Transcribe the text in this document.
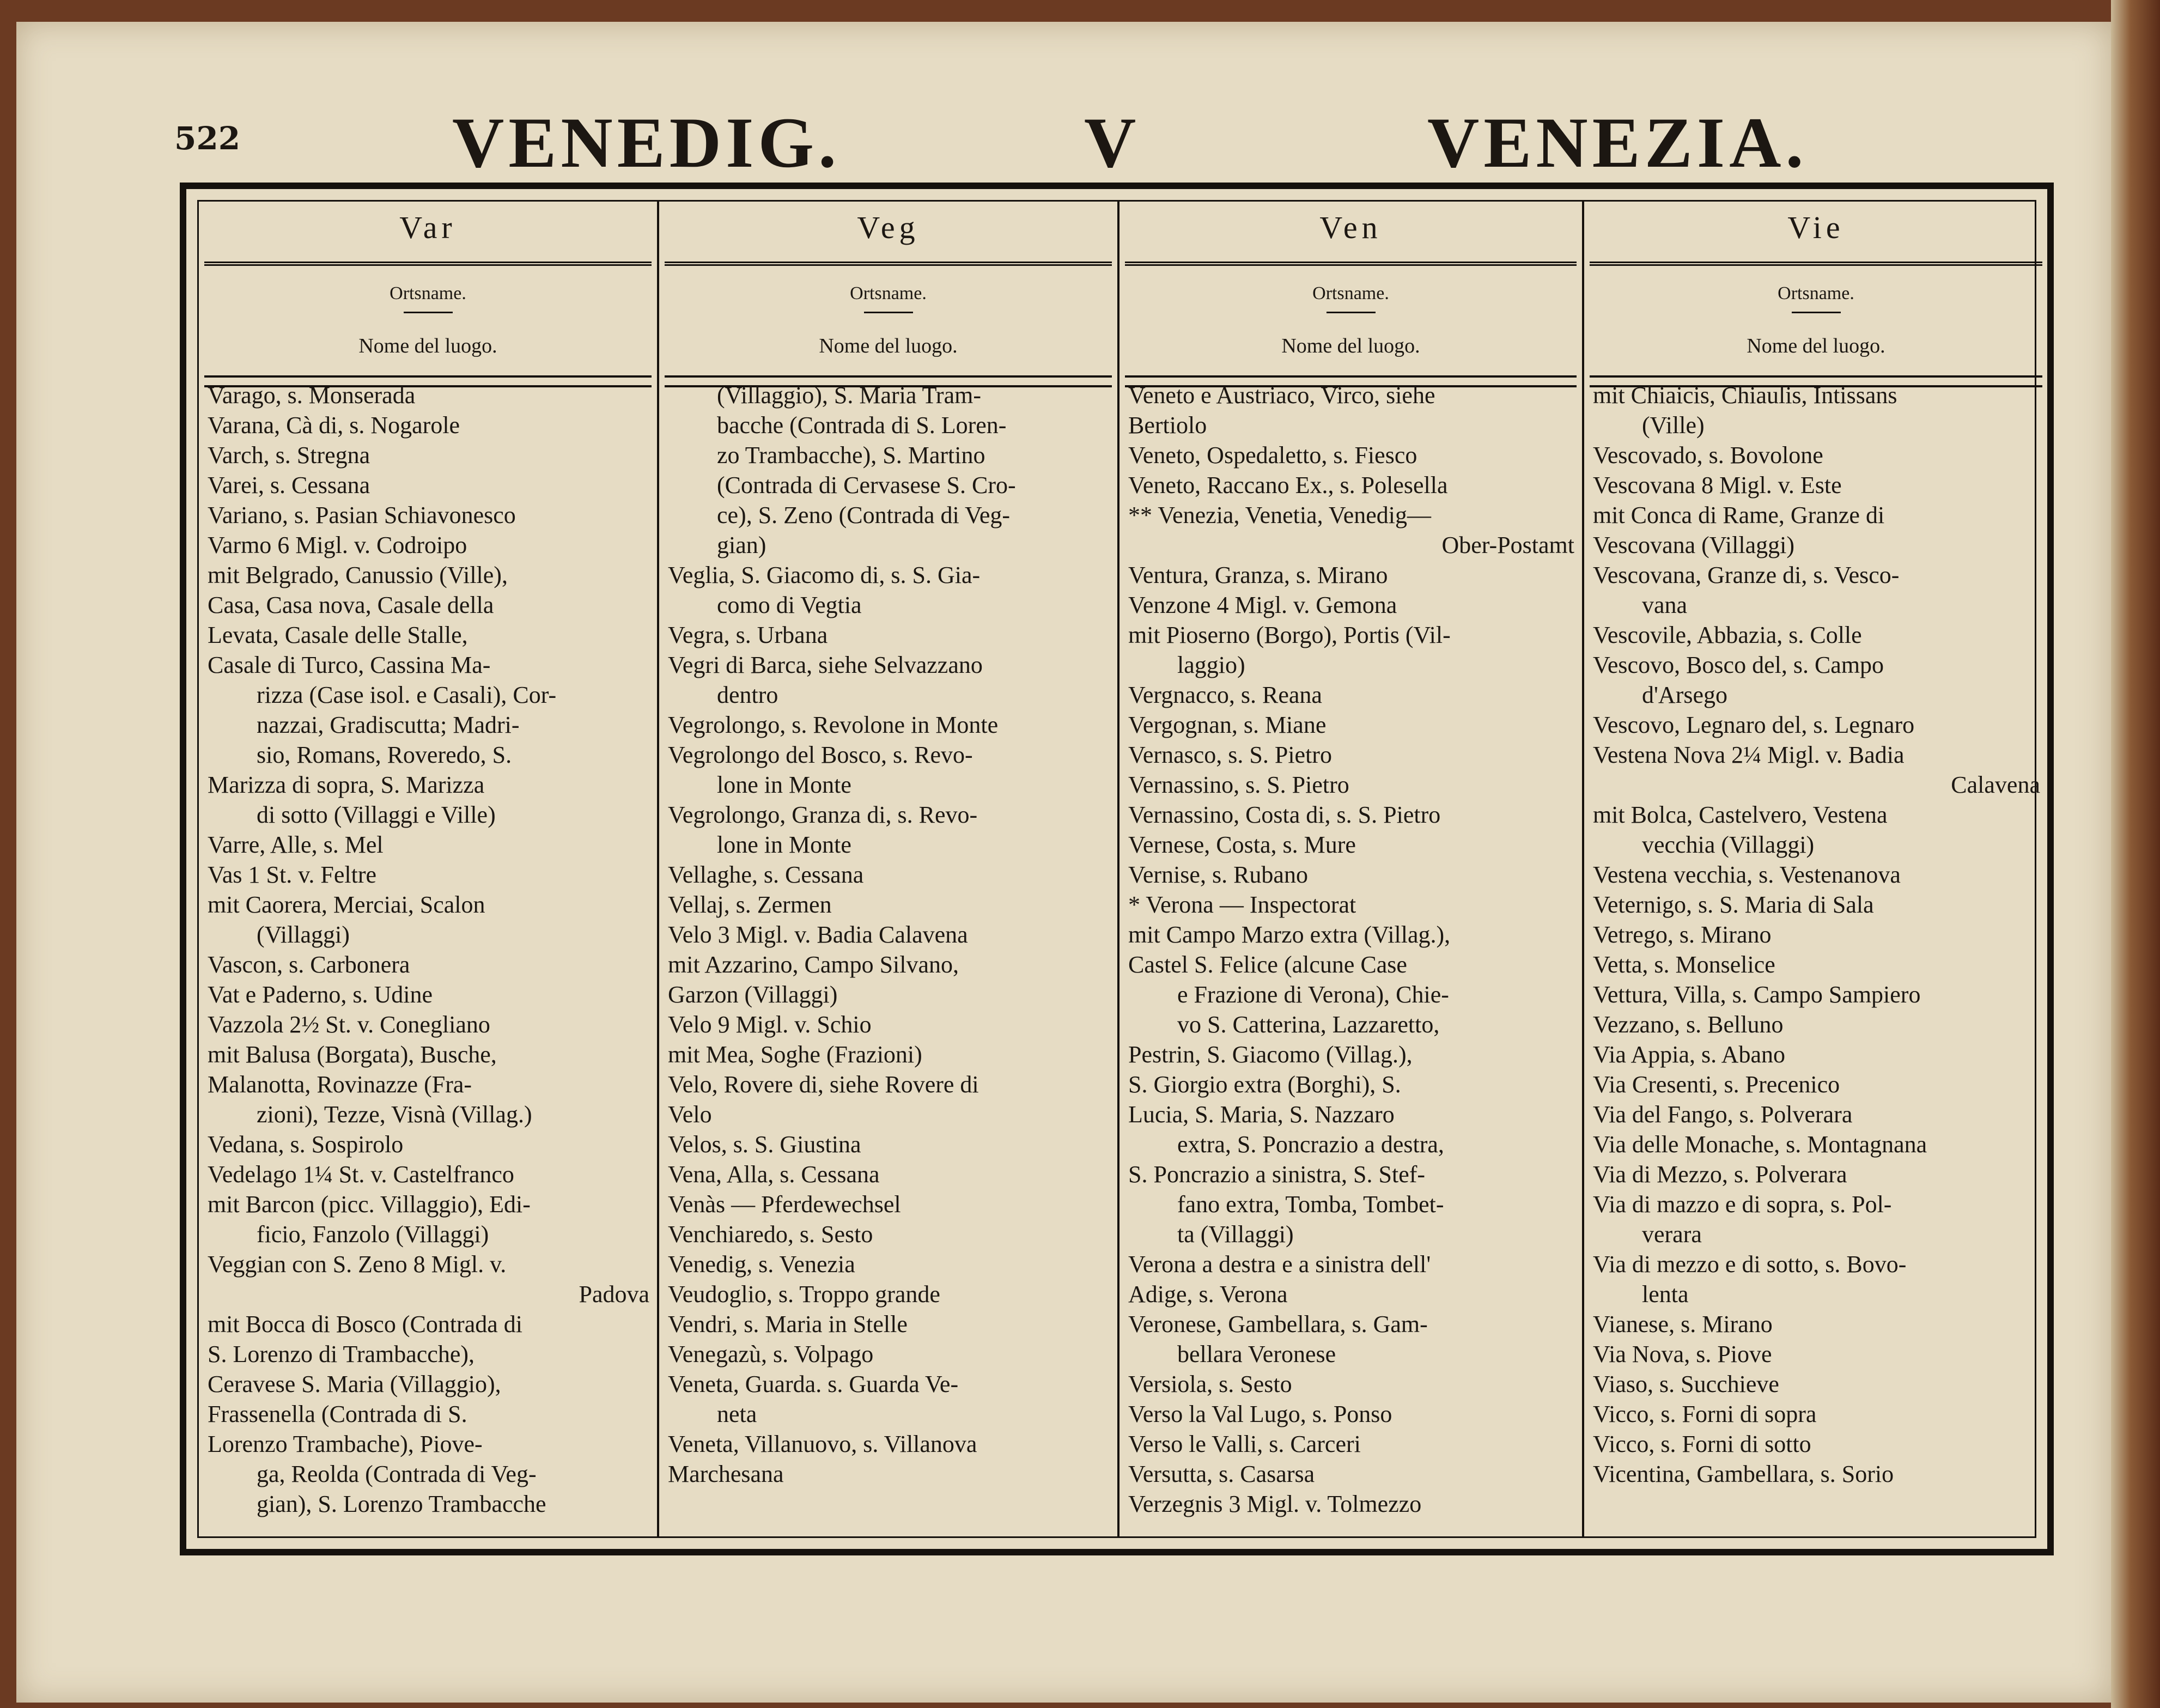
522	VENEDIG.	V	VENEZIA.
Var
Ortsname.
Nome del luogo.
Varago, s. Monserada
Varana, Cà di, s. Nogarole
Varch, s. Stregna
Varei, s. Cessana
Variano, s. Pasian Schiavonesco
Varmo 6 Migl. v. Codroipo
mit Belgrado, Canussio (Ville),
Casa, Casa nova, Casale della
Levata, Casale delle Stalle,
Casale di Turco, Cassina Ma-
rizza (Case isol. e Casali), Cor-
nazzai, Gradiscutta; Madri-
sio, Romans, Roveredo, S.
Marizza di sopra, S. Marizza
di sotto (Villaggi e Ville)
Varre, Alle, s. Mel
Vas 1 St. v. Feltre
mit Caorera, Merciai, Scalon
(Villaggi)
Vascon, s. Carbonera
Vat e Paderno, s. Udine
Vazzola 2½ St. v. Conegliano
mit Balusa (Borgata), Busche,
Malanotta, Rovinazze (Fra-
zioni), Tezze, Visnà (Villag.)
Vedana, s. Sospirolo
Vedelago 1¼ St. v. Castelfranco
mit Barcon (picc. Villaggio), Edi-
ficio, Fanzolo (Villaggi)
Veggian con S. Zeno 8 Migl. v.
Padova
mit Bocca di Bosco (Contrada di
S. Lorenzo di Trambacche),
Ceravese S. Maria (Villaggio),
Frassenella (Contrada di S.
Lorenzo Trambache), Piove-
ga, Reolda (Contrada di Veg-
gian), S. Lorenzo Trambacche
Veg
Ortsname.
Nome del luogo.
(Villaggio), S. Maria Tram-
bacche (Contrada di S. Loren-
zo Trambacche), S. Martino
(Contrada di Cervasese S. Cro-
ce), S. Zeno (Contrada di Veg-
gian)
Veglia, S. Giacomo di, s. S. Gia-
como di Vegtia
Vegra, s. Urbana
Vegri di Barca, siehe Selvazzano
dentro
Vegrolongo, s. Revolone in Monte
Vegrolongo del Bosco, s. Revo-
lone in Monte
Vegrolongo, Granza di, s. Revo-
lone in Monte
Vellaghe, s. Cessana
Vellaj, s. Zermen
Velo 3 Migl. v. Badia Calavena
mit Azzarino, Campo Silvano,
Garzon (Villaggi)
Velo 9 Migl. v. Schio
mit Mea, Soghe (Frazioni)
Velo, Rovere di, siehe Rovere di
Velo
Velos, s. S. Giustina
Vena, Alla, s. Cessana
Venàs — Pferdewechsel
Venchiaredo, s. Sesto
Venedig, s. Venezia
Veudoglio, s. Troppo grande
Vendri, s. Maria in Stelle
Venegazù, s. Volpago
Veneta, Guarda. s. Guarda Ve-
neta
Veneta, Villanuovo, s. Villanova
Marchesana
Ven
Ortsname.
Nome del luogo.
Veneto e Austriaco, Virco, siehe
Bertiolo
Veneto, Ospedaletto, s. Fiesco
Veneto, Raccano Ex., s. Polesella
** Venezia, Venetia, Venedig—
Ober-Postamt
Ventura, Granza, s. Mirano
Venzone 4 Migl. v. Gemona
mit Pioserno (Borgo), Portis (Vil-
laggio)
Vergnacco, s. Reana
Vergognan, s. Miane
Vernasco, s. S. Pietro
Vernassino, s. S. Pietro
Vernassino, Costa di, s. S. Pietro
Vernese, Costa, s. Mure
Vernise, s. Rubano
* Verona — Inspectorat
mit Campo Marzo extra (Villag.),
Castel S. Felice (alcune Case
e Frazione di Verona), Chie-
vo S. Catterina, Lazzaretto,
Pestrin, S. Giacomo (Villag.),
S. Giorgio extra (Borghi), S.
Lucia, S. Maria, S. Nazzaro
extra, S. Poncrazio a destra,
S. Poncrazio a sinistra, S. Stef-
fano extra, Tomba, Tombet-
ta (Villaggi)
Verona a destra e a sinistra dell'
Adige, s. Verona
Veronese, Gambellara, s. Gam-
bellara Veronese
Versiola, s. Sesto
Verso la Val Lugo, s. Ponso
Verso le Valli, s. Carceri
Versutta, s. Casarsa
Verzegnis 3 Migl. v. Tolmezzo
Vie
Ortsname.
Nome del luogo.
mit Chiaicis, Chiaulis, Intissans
(Ville)
Vescovado, s. Bovolone
Vescovana 8 Migl. v. Este
mit Conca di Rame, Granze di
Vescovana (Villaggi)
Vescovana, Granze di, s. Vesco-
vana
Vescovile, Abbazia, s. Colle
Vescovo, Bosco del, s. Campo
d'Arsego
Vescovo, Legnaro del, s. Legnaro
Vestena Nova 2¼ Migl. v. Badia
Calavena
mit Bolca, Castelvero, Vestena
vecchia (Villaggi)
Vestena vecchia, s. Vestenanova
Veternigo, s. S. Maria di Sala
Vetrego, s. Mirano
Vetta, s. Monselice
Vettura, Villa, s. Campo Sampiero
Vezzano, s. Belluno
Via Appia, s. Abano
Via Cresenti, s. Precenico
Via del Fango, s. Polverara
Via delle Monache, s. Montagnana
Via di Mezzo, s. Polverara
Via di mazzo e di sopra, s. Pol-
verara
Via di mezzo e di sotto, s. Bovo-
lenta
Vianese, s. Mirano
Via Nova, s. Piove
Viaso, s. Succhieve
Vicco, s. Forni di sopra
Vicco, s. Forni di sotto
Vicentina, Gambellara, s. Sorio
